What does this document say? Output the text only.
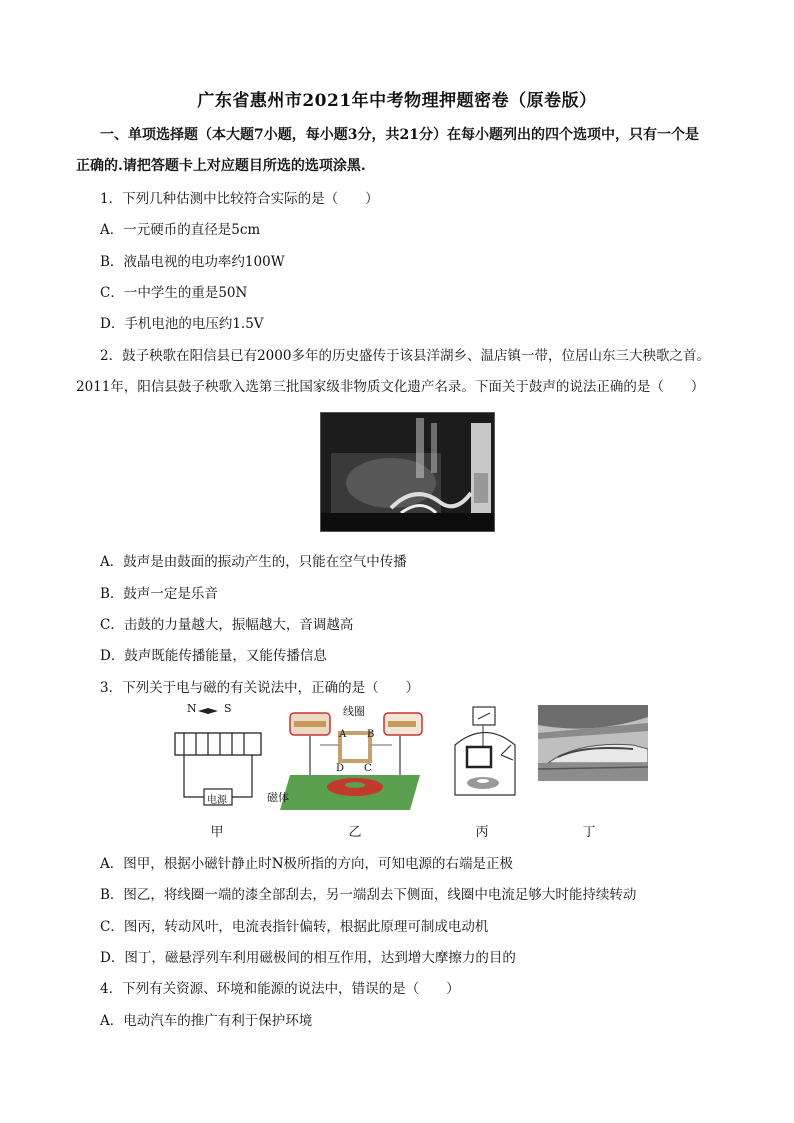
广东省惠州市2021年中考物理押题密卷（原卷版）
一、单项选择题（本大题7小题，每小题3分，共21分）在每小题列出的四个选项中，只有一个是
正确的.请把答题卡上对应题目所选的选项涂黑.
1．下列几种估测中比较符合实际的是（　　）
A．一元硬币的直径是5cm
B．液晶电视的电功率约100W
C．一中学生的重是50N
D．手机电池的电压约1.5V
2．鼓子秧歌在阳信县已有2000多年的历史盛传于该县洋湖乡、温店镇一带，位居山东三大秧歌之首。
2011年，阳信县鼓子秧歌入选第三批国家级非物质文化遗产名录。下面关于鼓声的说法正确的是（　　）
A．鼓声是由鼓面的振动产生的，只能在空气中传播
B．鼓声一定是乐音
C．击鼓的力量越大，振幅越大，音调越高
D．鼓声既能传播能量，又能传播信息
3．下列关于电与磁的有关说法中，正确的是（　　）
N S
电源
甲
线圈
A B
D C
磁体
乙	丙	丁
A．图甲，根据小磁针静止时N极所指的方向，可知电源的右端是正极
B．图乙，将线圈一端的漆全部刮去，另一端刮去下侧面，线圈中电流足够大时能持续转动
C．图丙，转动风叶，电流表指针偏转，根据此原理可制成电动机
D．图丁，磁悬浮列车利用磁极间的相互作用，达到增大摩擦力的目的
4．下列有关资源、环境和能源的说法中，错误的是（　　）
A．电动汽车的推广有利于保护环境
